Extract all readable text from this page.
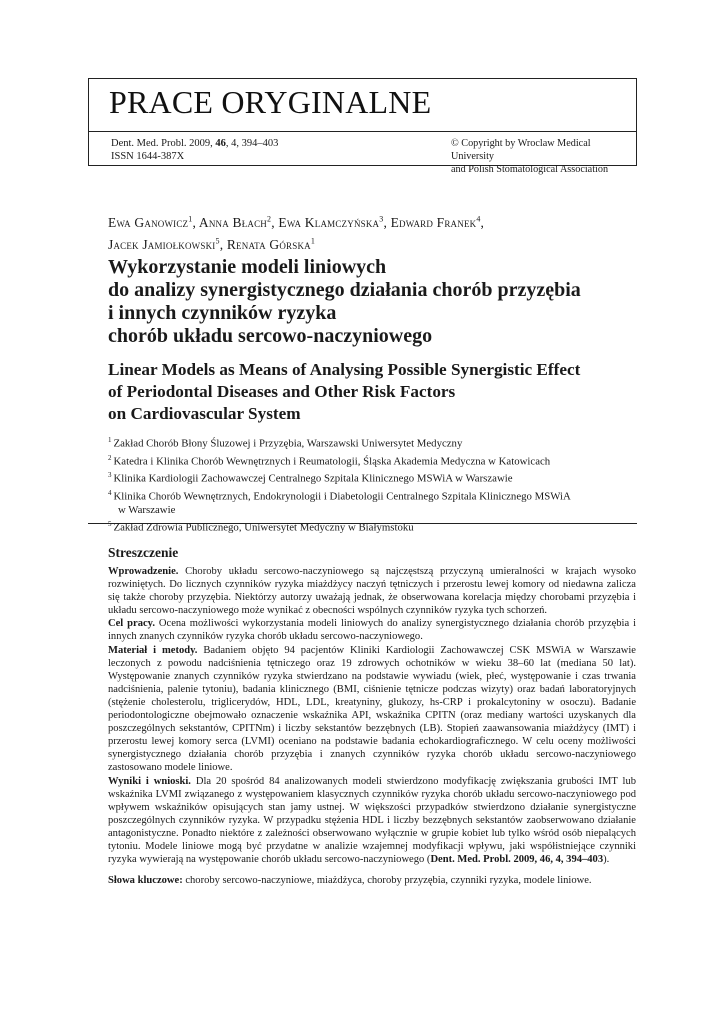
PRACE ORYGINALNE
Dent. Med. Probl. 2009, 46, 4, 394–403
ISSN 1644-387X
© Copyright by Wroclaw Medical University
and Polish Stomatological Association
Ewa Ganowicz$^1$, Anna Błach$^2$, Ewa Klamczyńska$^3$, Edward Franek$^4$,
Jacek Jamiołkowski$^5$, Renata Górska$^1$
Wykorzystanie modeli liniowych
do analizy synergistycznego działania chorób przyzębia
i innych czynników ryzyka
chorób układu sercowo-naczyniowego
Linear Models as Means of Analysing Possible Synergistic Effect
of Periodontal Diseases and Other Risk Factors
on Cardiovascular System
$^1$ Zakład Chorób Błony Śluzowej i Przyzębia, Warszawski Uniwersytet Medyczny
$^2$ Katedra i Klinika Chorób Wewnętrznych i Reumatologii, Śląska Akademia Medyczna w Katowicach
$^3$ Klinika Kardiologii Zachowawczej Centralnego Szpitala Klinicznego MSWiA w Warszawie
$^4$ Klinika Chorób Wewnętrznych, Endokrynologii i Diabetologii Centralnego Szpitala Klinicznego MSWiA
w Warszawie
$^5$ Zakład Zdrowia Publicznego, Uniwersytet Medyczny w Białymstoku
Streszczenie

Wprowadzenie. Choroby układu sercowo-naczyniowego są najczęstszą przyczyną umieralności w krajach wysoko rozwiniętych. Do licznych czynników ryzyka miażdżycy naczyń tętniczych i przerostu lewej komory od niedawna zalicza się także choroby przyzębia. Niektórzy autorzy uważają jednak, że obserwowana korelacja między chorobami przyzębia i układu sercowo-naczyniowego może wynikać z obecności wspólnych czynników ryzyka tych schorzeń.

Cel pracy. Ocena możliwości wykorzystania modeli liniowych do analizy synergistycznego działania chorób przyzębia i innych znanych czynników ryzyka chorób układu sercowo-naczyniowego.

Materiał i metody. Badaniem objęto 94 pacjentów Kliniki Kardiologii Zachowawczej CSK MSWiA w Warszawie leczonych z powodu nadciśnienia tętniczego oraz 19 zdrowych ochotników w wieku 38–60 lat (mediana 50 lat). Występowanie znanych czynników ryzyka stwierdzano na podstawie wywiadu (wiek, płeć, występowanie i czas trwania nadciśnienia, palenie tytoniu), badania klinicznego (BMI, ciśnienie tętnicze podczas wizyty) oraz badań laboratoryjnych (stężenie cholesterolu, triglicerydów, HDL, LDL, kreatyniny, glukozy, hs-CRP i prokalcytoniny w osoczu). Badanie periodontologiczne obejmowało oznaczenie wskaźnika API, wskaźnika CPITN (oraz mediany wartości uzyskanych dla poszczególnych sekstantów, CPITNm) i liczby sekstantów bezzębnych (LB). Stopień zaawansowania miażdżycy (IMT) i przerostu lewej komory serca (LVMI) oceniano na podstawie badania echokardiograficznego. W celu oceny możliwości synergistycznego działania chorób przyzębia i znanych czynników ryzyka chorób układu sercowo-naczyniowego zastosowano modele liniowe.

Wyniki i wnioski. Dla 20 spośród 84 analizowanych modeli stwierdzono modyfikację zwiększania grubości IMT lub wskaźnika LVMI związanego z występowaniem klasycznych czynników ryzyka chorób układu sercowo-naczyniowego pod wpływem wskaźników opisujących stan jamy ustnej. W większości przypadków stwierdzono działanie synergistyczne poszczególnych czynników ryzyka. W przypadku stężenia HDL i liczby bezzębnych sekstantów zaobserwowano działanie antagonistyczne. Ponadto niektóre z zależności obserwowano wyłącznie w grupie kobiet lub tylko wśród osób niepalących tytoniu. Modele liniowe mogą być przydatne w analizie wzajemnej modyfikacji wpływu, jaki współistniejące czynniki ryzyka wywierają na występowanie chorób układu sercowo-naczyniowego (Dent. Med. Probl. 2009, 46, 4, 394–403).

Słowa kluczowe: choroby sercowo-naczyniowe, miażdżyca, choroby przyzębia, czynniki ryzyka, modele liniowe.
